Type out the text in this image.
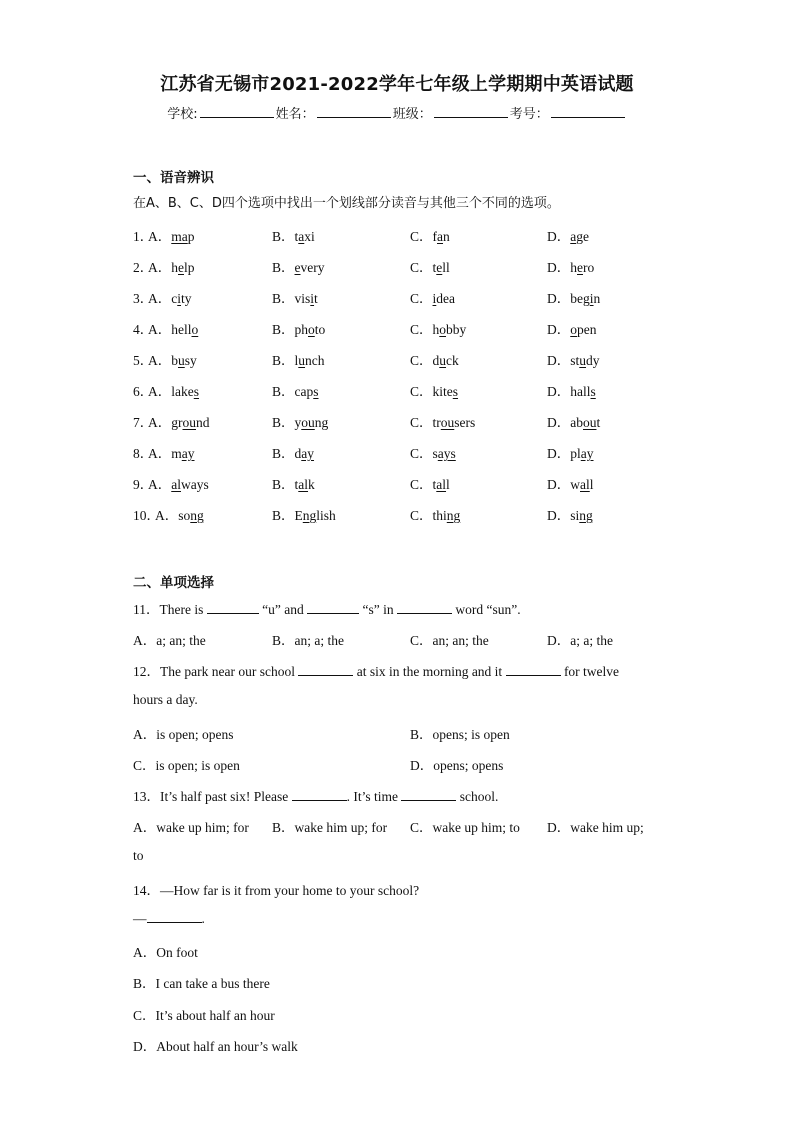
江苏省无锡市2021-2022学年七年级上学期期中英语试题
学校:	姓名：	班级：	考号：
一、语音辨识
在A、B、C、D四个选项中找出一个划线部分读音与其他三个不同的选项。
1．
A．map	B．taxi	C．fan	D．age
2．
A．help	B．every	C．tell	D．hero
3．
A．city	B．visit	C．idea	D．begin
4．
A．hello	B．photo	C．hobby	D．open
5．
A．busy	B．lunch	C．duck	D．study
6．
A．lakes	B．caps	C．kites	D．halls
7．
A．ground	B．young	C．trousers	D．about
8．
A．may	B．day	C．says	D．play
9．
A．always	B．talk	C．tall	D．wall
10．
A．song	B．English	C．thing	D．sing
二、单项选择
11．There is	“u” and	“s” in	word “sun”.
A．a; an; the	B．an; a; the	C．an; an; the	D．a; a; the
12．The park near our school	at six in the morning and it	for twelve
hours a day.
A．is open; opens	B．opens; is open
C．is open; is open	D．opens; opens
13．It’s half past six! Please	. It’s time	school.
A．wake up him; for B．wake him up; for C．wake up him; to D．wake him up;
to
14．—How far is it from your home to your school?
—	.
A．On foot
B．I can take a bus there
C．It’s about half an hour
D．About half an hour’s walk
